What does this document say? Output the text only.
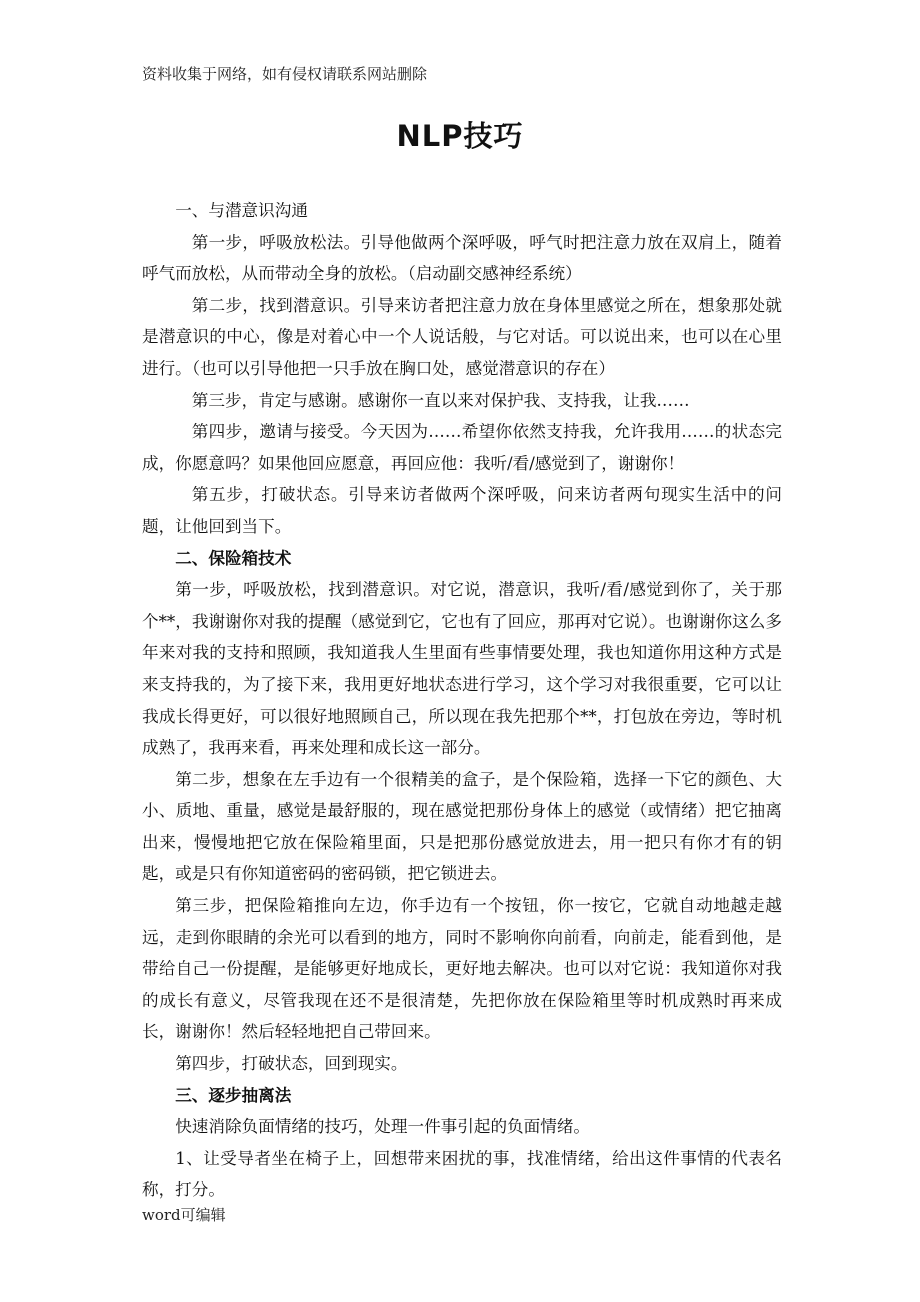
资料收集于网络，如有侵权请联系网站删除
NLP技巧

一、与潜意识沟通

第一步，呼吸放松法。引导他做两个深呼吸，呼气时把注意力放在双肩上，随着呼气而放松，从而带动全身的放松。（启动副交感神经系统）

第二步，找到潜意识。引导来访者把注意力放在身体里感觉之所在，想象那处就是潜意识的中心，像是对着心中一个人说话般，与它对话。可以说出来，也可以在心里进行。（也可以引导他把一只手放在胸口处，感觉潜意识的存在）

第三步，肯定与感谢。感谢你一直以来对保护我、支持我，让我……

第四步，邀请与接受。今天因为……希望你依然支持我，允许我用……的状态完成，你愿意吗？如果他回应愿意，再回应他：我听/看/感觉到了，谢谢你！

第五步，打破状态。引导来访者做两个深呼吸，问来访者两句现实生活中的问题，让他回到当下。

二、保险箱技术

第一步，呼吸放松，找到潜意识。对它说，潜意识，我听/看/感觉到你了，关于那个**，我谢谢你对我的提醒（感觉到它，它也有了回应，那再对它说）。也谢谢你这么多年来对我的支持和照顾，我知道我人生里面有些事情要处理，我也知道你用这种方式是来支持我的，为了接下来，我用更好地状态进行学习，这个学习对我很重要，它可以让我成长得更好，可以很好地照顾自己，所以现在我先把那个**，打包放在旁边，等时机成熟了，我再来看，再来处理和成长这一部分。

第二步，想象在左手边有一个很精美的盒子，是个保险箱，选择一下它的颜色、大小、质地、重量，感觉是最舒服的，现在感觉把那份身体上的感觉（或情绪）把它抽离出来，慢慢地把它放在保险箱里面，只是把那份感觉放进去，用一把只有你才有的钥匙，或是只有你知道密码的密码锁，把它锁进去。

第三步，把保险箱推向左边，你手边有一个按钮，你一按它，它就自动地越走越远，走到你眼睛的余光可以看到的地方，同时不影响你向前看，向前走，能看到他，是带给自己一份提醒，是能够更好地成长，更好地去解决。也可以对它说：我知道你对我的成长有意义，尽管我现在还不是很清楚，先把你放在保险箱里等时机成熟时再来成长，谢谢你！然后轻轻地把自己带回来。

第四步，打破状态，回到现实。

三、逐步抽离法

快速消除负面情绪的技巧，处理一件事引起的负面情绪。

1、让受导者坐在椅子上，回想带来困扰的事，找准情绪，给出这件事情的代表名称，打分。

word可编辑
